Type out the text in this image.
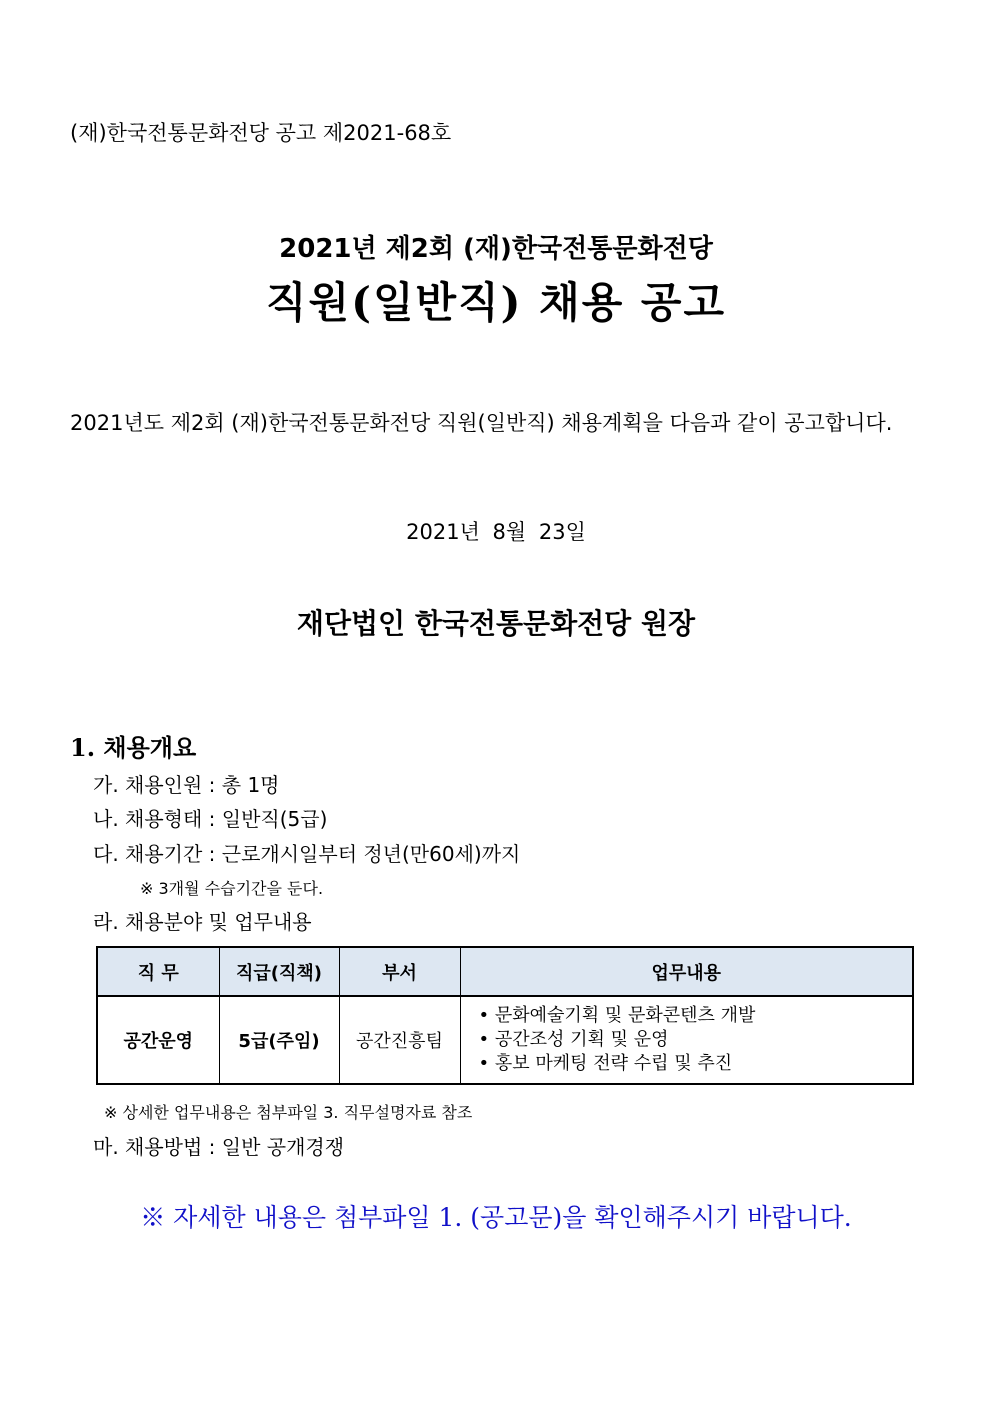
(재)한국전통문화전당 공고 제2021-68호
2021년 제2회 (재)한국전통문화전당
직원(일반직) 채용 공고
2021년도 제2회 (재)한국전통문화전당 직원(일반직) 채용계획을 다음과 같이 공고합니다.
2021년 8월 23일
재단법인 한국전통문화전당 원장
1. 채용개요
가. 채용인원 : 총 1명
나. 채용형태 : 일반직(5급)
다. 채용기간 : 근로개시일부터 정년(만60세)까지
※ 3개월 수습기간을 둔다.
라. 채용분야 및 업무내용
직 무	직급(직책)	부서	업무내용
공간운영	5급(주임)	공간진흥팀	• 문화예술기획 및 문화콘텐츠 개발
• 공간조성 기획 및 운영
• 홍보 마케팅 전략 수립 및 추진
※ 상세한 업무내용은 첨부파일 3. 직무설명자료 참조
마. 채용방법 : 일반 공개경쟁
※ 자세한 내용은 첨부파일 1. (공고문)을 확인해주시기 바랍니다.
